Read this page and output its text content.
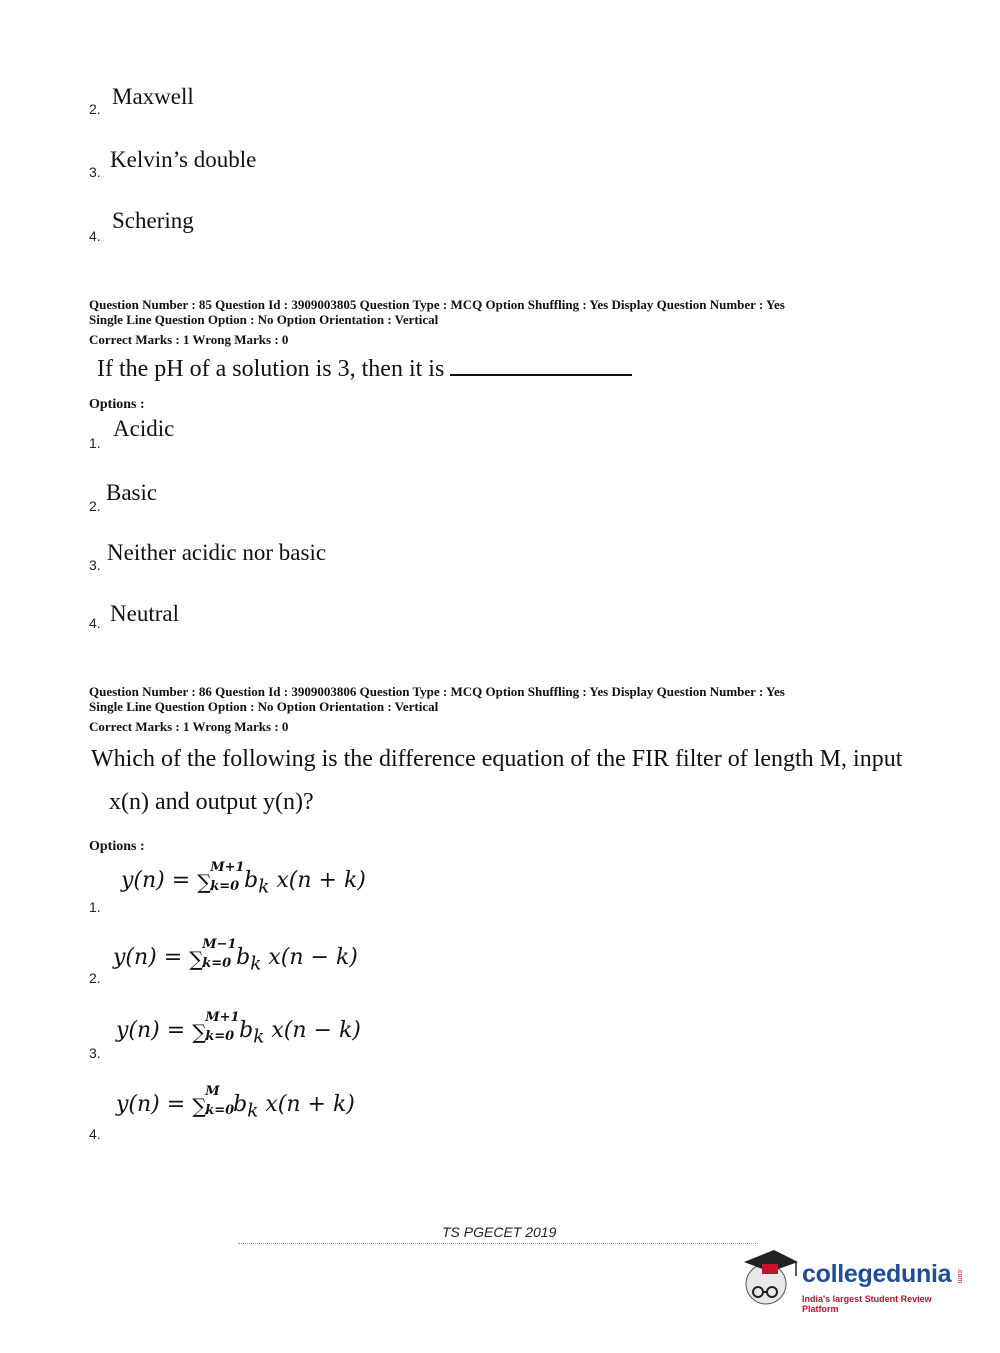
2. Maxwell
3. Kelvin’s double
4.
Schering
Question Number : 85 Question Id : 3909003805 Question Type : MCQ Option Shuffling : Yes Display Question Number : Yes
Single Line Question Option : No Option Orientation : Vertical
Correct Marks : 1 Wrong Marks : 0
If the pH of a solution is 3, then it is
Options :
1.
Acidic
2.
Basic
3. Neither acidic nor basic
4. Neutral
Question Number : 86 Question Id : 3909003806 Question Type : MCQ Option Shuffling : Yes Display Question Number : Yes
Single Line Question Option : No Option Orientation : Vertical
Correct Marks : 1 Wrong Marks : 0
Which of the following is the difference equation of the FIR filter of length M, input
x(n) and output y(n)?
Options :
y(n) = ∑
M+1
k=0
$b_k$ x(n + k)
1.
y(n) = ∑
M−1
k=0
$b_k$ x(n − k)
2.
y(n) = ∑
M+1
k=0
$b_k$ x(n − k)
3.
y(n) = ∑
M
k=0
$b_k$ x(n + k)
4.
TS PGECET 2019
collegedunia .com
India's largest Student Review Platform
